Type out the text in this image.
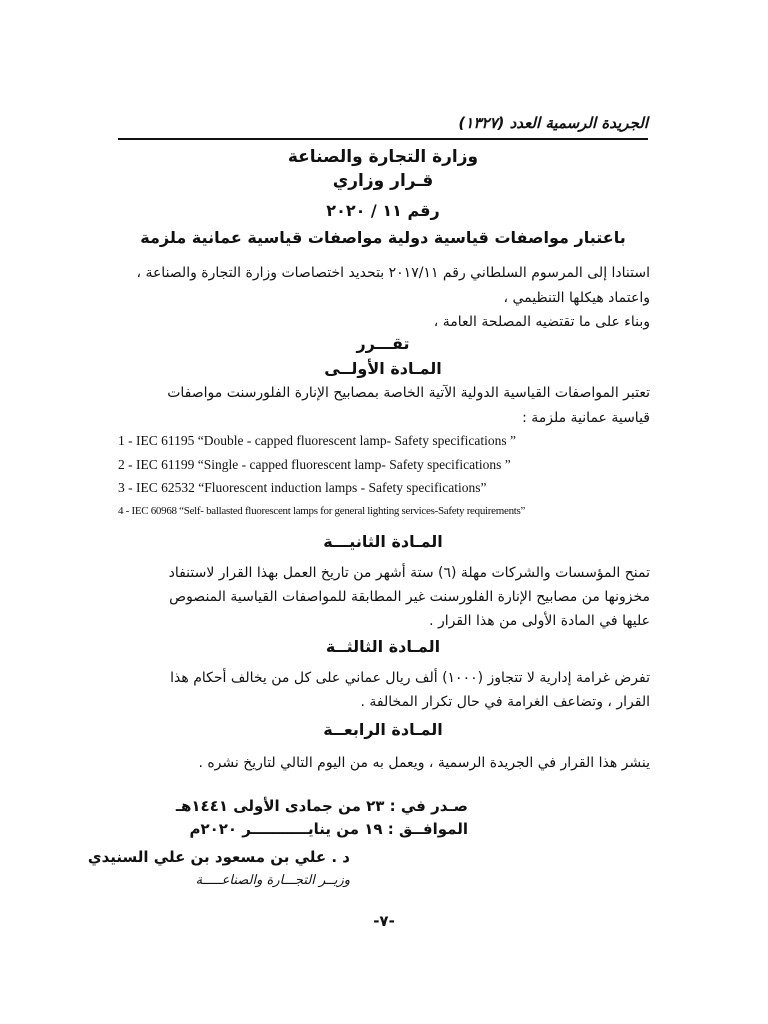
الجريدة الرسمية العدد (١٣٢٧)
وزارة التجارة والصناعة
قـرار وزاري
رقم ١١ / ٢٠٢٠
باعتبار مواصفات قياسية دولية مواصفات قياسية عمانية ملزمة
استنادا إلى المرسوم السلطاني رقم ٢٠١٧/١١ بتحديد اختصاصات وزارة التجارة والصناعة ،
واعتماد هيكلها التنظيمي ،
وبناء على ما تقتضيه المصلحة العامة ،
تقـــرر
المـادة الأولــى
تعتبر المواصفات القياسية الدولية الآتية الخاصة بمصابيح الإنارة الفلورسنت مواصفات
قياسية عمانية ملزمة :
1 - IEC 61195 “Double - capped fluorescent lamp- Safety specifications ”
2 - IEC 61199 “Single - capped fluorescent lamp- Safety specifications ”
3 - IEC 62532 “Fluorescent induction lamps - Safety specifications”
4 - IEC 60968 “Self- ballasted fluorescent lamps for general lighting services-Safety requirements”
المـادة الثانيـــة
تمنح المؤسسات والشركات مهلة (٦) ستة أشهر من تاريخ العمل بهذا القرار لاستنفاد
مخزونها من مصابيح الإنارة الفلورسنت غير المطابقة للمواصفات القياسية المنصوص
عليها في المادة الأولى من هذا القرار .
المـادة الثالثــة
تفرض غرامة إدارية لا تتجاوز (١٠٠٠) ألف ريال عماني على كل من يخالف أحكام هذا
القرار ، وتضاعف الغرامة في حال تكرار المخالفة .
المـادة الرابعــة
ينشر هذا القرار في الجريدة الرسمية ، ويعمل به من اليوم التالي لتاريخ نشره .
صـدر في : ٢٣ من جمادى الأولى ١٤٤١هـ
الموافــق : ١٩ من ينايـــــــــــر ٢٠٢٠م
د . علي بن مسعود بن علي السنيدي
وزيــر التجـــارة والصناعـــــة
-٧-
